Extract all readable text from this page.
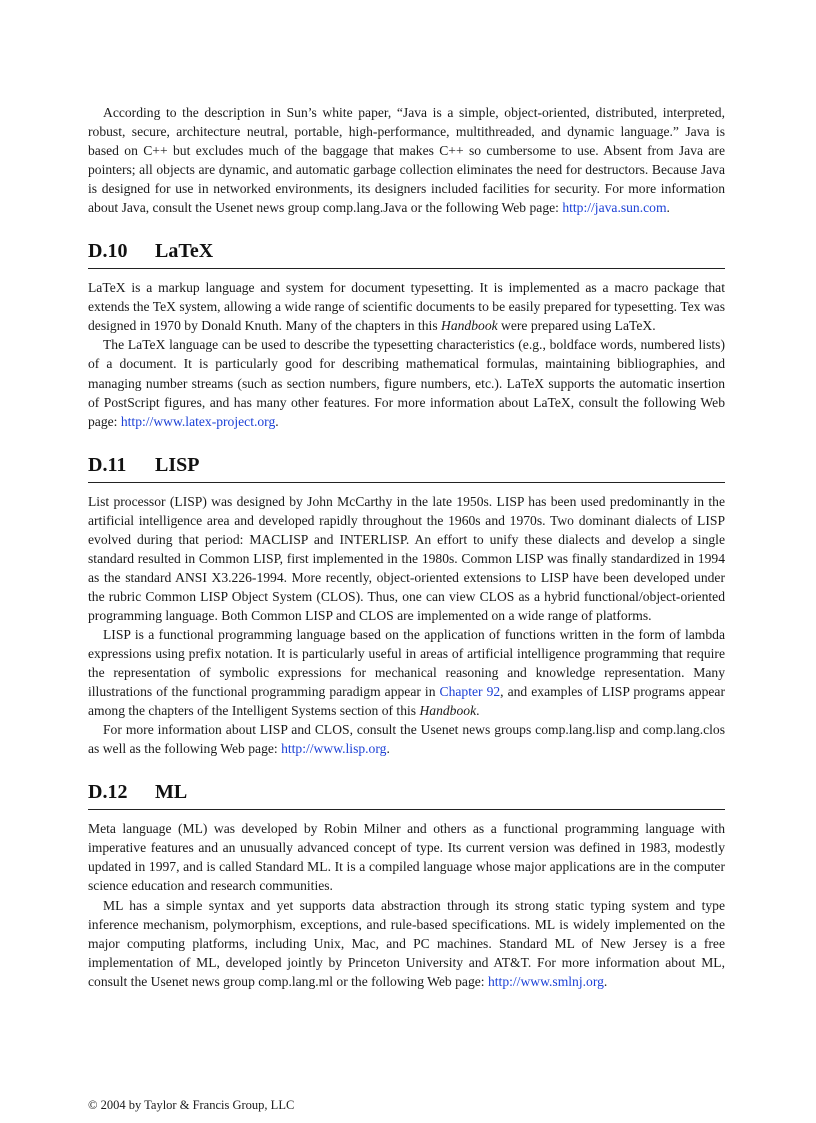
According to the description in Sun’s white paper, “Java is a simple, object-oriented, distributed, interpreted, robust, secure, architecture neutral, portable, high-performance, multithreaded, and dynamic language.” Java is based on C++ but excludes much of the baggage that makes C++ so cumbersome to use. Absent from Java are pointers; all objects are dynamic, and automatic garbage collection eliminates the need for destructors. Because Java is designed for use in networked environments, its designers included facilities for security. For more information about Java, consult the Usenet news group comp.lang.Java or the following Web page: http://java.sun.com.

D.10	LaTeX

LaTeX is a markup language and system for document typesetting. It is implemented as a macro package that extends the TeX system, allowing a wide range of scientific documents to be easily prepared for typesetting. Tex was designed in 1970 by Donald Knuth. Many of the chapters in this Handbook were prepared using LaTeX.

The LaTeX language can be used to describe the typesetting characteristics (e.g., boldface words, numbered lists) of a document. It is particularly good for describing mathematical formulas, maintaining bibliographies, and managing number streams (such as section numbers, figure numbers, etc.). LaTeX supports the automatic insertion of PostScript figures, and has many other features. For more information about LaTeX, consult the following Web page: http://www.latex-project.org.

D.11	LISP

List processor (LISP) was designed by John McCarthy in the late 1950s. LISP has been used predominantly in the artificial intelligence area and developed rapidly throughout the 1960s and 1970s. Two dominant dialects of LISP evolved during that period: MACLISP and INTERLISP. An effort to unify these dialects and develop a single standard resulted in Common LISP, first implemented in the 1980s. Common LISP was finally standardized in 1994 as the standard ANSI X3.226-1994. More recently, object-oriented extensions to LISP have been developed under the rubric Common LISP Object System (CLOS). Thus, one can view CLOS as a hybrid functional/object-oriented programming language. Both Common LISP and CLOS are implemented on a wide range of platforms.

LISP is a functional programming language based on the application of functions written in the form of lambda expressions using prefix notation. It is particularly useful in areas of artificial intelligence programming that require the representation of symbolic expressions for mechanical reasoning and knowledge representation. Many illustrations of the functional programming paradigm appear in Chapter 92, and examples of LISP programs appear among the chapters of the Intelligent Systems section of this Handbook.

For more information about LISP and CLOS, consult the Usenet news groups comp.lang.lisp and comp.lang.clos as well as the following Web page: http://www.lisp.org.

D.12	ML

Meta language (ML) was developed by Robin Milner and others as a functional programming language with imperative features and an unusually advanced concept of type. Its current version was defined in 1983, modestly updated in 1997, and is called Standard ML. It is a compiled language whose major applications are in the computer science education and research communities.

ML has a simple syntax and yet supports data abstraction through its strong static typing system and type inference mechanism, polymorphism, exceptions, and rule-based specifications. ML is widely implemented on the major computing platforms, including Unix, Mac, and PC machines. Standard ML of New Jersey is a free implementation of ML, developed jointly by Princeton University and AT&T. For more information about ML, consult the Usenet news group comp.lang.ml or the following Web page: http://www.smlnj.org.

© 2004 by Taylor & Francis Group, LLC
